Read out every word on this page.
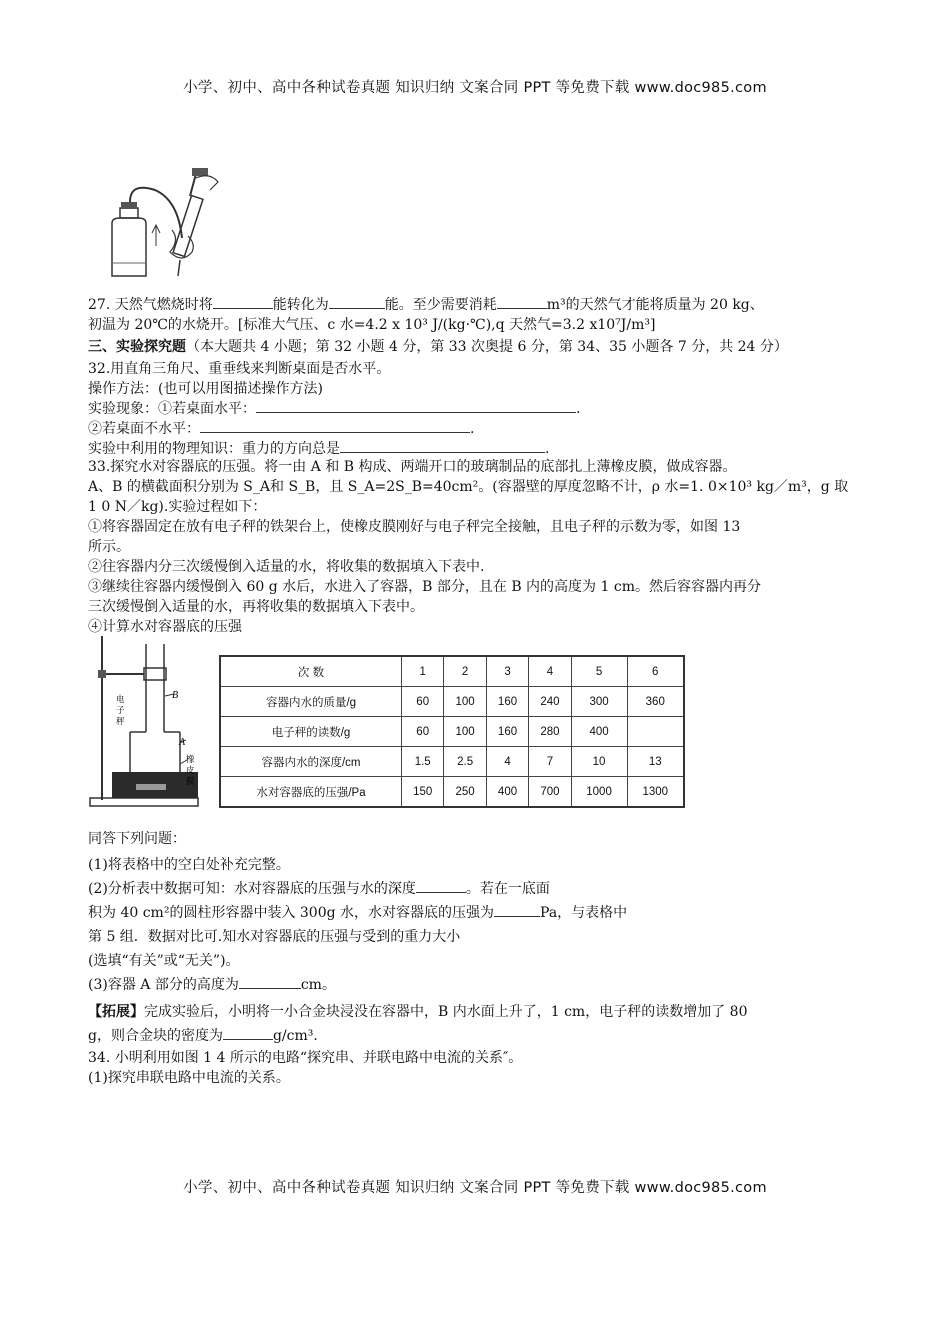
小学、初中、高中各种试卷真题 知识归纳 文案合同 PPT 等免费下载 www.doc985.com
27. 天然气燃烧时将	能转化为	能。至少需要消耗	m³的天然气才能将质量为 20 kg、
初温为 20℃的水烧开。[标准大气压、c 水=4.2 x 10³ J/(kg·℃),q 天然气=3.2 x10⁷J/m³]
三、实验探究题（本大题共 4 小题；第 32 小题 4 分，第 33 次奥提 6 分，第 34、35 小题各 7 分，共 24 分）
32.用直角三角尺、重垂线来判断桌面是否水平。
操作方法：(也可以用图描述操作方法)
实验现象：①若桌面水平：	.
②若桌面不水平：	.
实验中利用的物理知识：重力的方向总是	.
33.探究水对容器底的压强。将一由 A 和 B 构成、两端开口的玻璃制品的底部扎上薄橡皮膜，做成容器。
A、B 的横截面积分别为 S_A和 S_B，且 S_A=2S_B=40cm²。(容器壁的厚度忽略不计，ρ 水=1. 0×10³ kg／m³，g 取
1 0 N／kg).实验过程如下：
①将容器固定在放有电子秤的铁架台上，使橡皮膜刚好与电子秤完全接触，且电子秤的示数为零，如图 13
所示。
②往容器内分三次缓慢倒入适量的水，将收集的数据填入下表中.
③继续往容器内缓慢倒入 60 g 水后，水进入了容器，B 部分，且在 B 内的高度为 1 cm。然后容容器内再分
三次缓慢倒入适量的水，再将收集的数据填入下表中。
④计算水对容器底的压强
B
A
电
子
秤
橡
皮
膜
次 数	1	2	3	4	5	6
容器内水的质量/g	60	100	160	240	300	360
电子秤的读数/g	60	100	160	280	400	
容器内水的深度/cm	1.5	2.5	4	7	10	13
水对容器底的压强/Pa	150	250	400	700	1000	1300
同答下列问题：
(1)将表格中的空白处补充完整。
(2)分析表中数据可知：水对容器底的压强与水的深度	。若在一底面
积为 40 cm²的圆柱形容器中装入 300g 水，水对容器底的压强为	Pa，与表格中
第 5 组．数据对比可.知水对容器底的压强与受到的重力大小
(选填“有关”或“无关”)。
(3)容器 A 部分的高度为	cm。
【拓展】完成实验后，小明将一小合金块浸没在容器中，B 内水面上升了，1 cm，电子秤的读数增加了 80
g，则合金块的密度为	g/cm³.
34. 小明利用如图 1 4 所示的电路“探究串、并联电路中电流的关系″。
(1)探究串联电路中电流的关系。
小学、初中、高中各种试卷真题 知识归纳 文案合同 PPT 等免费下载 www.doc985.com
